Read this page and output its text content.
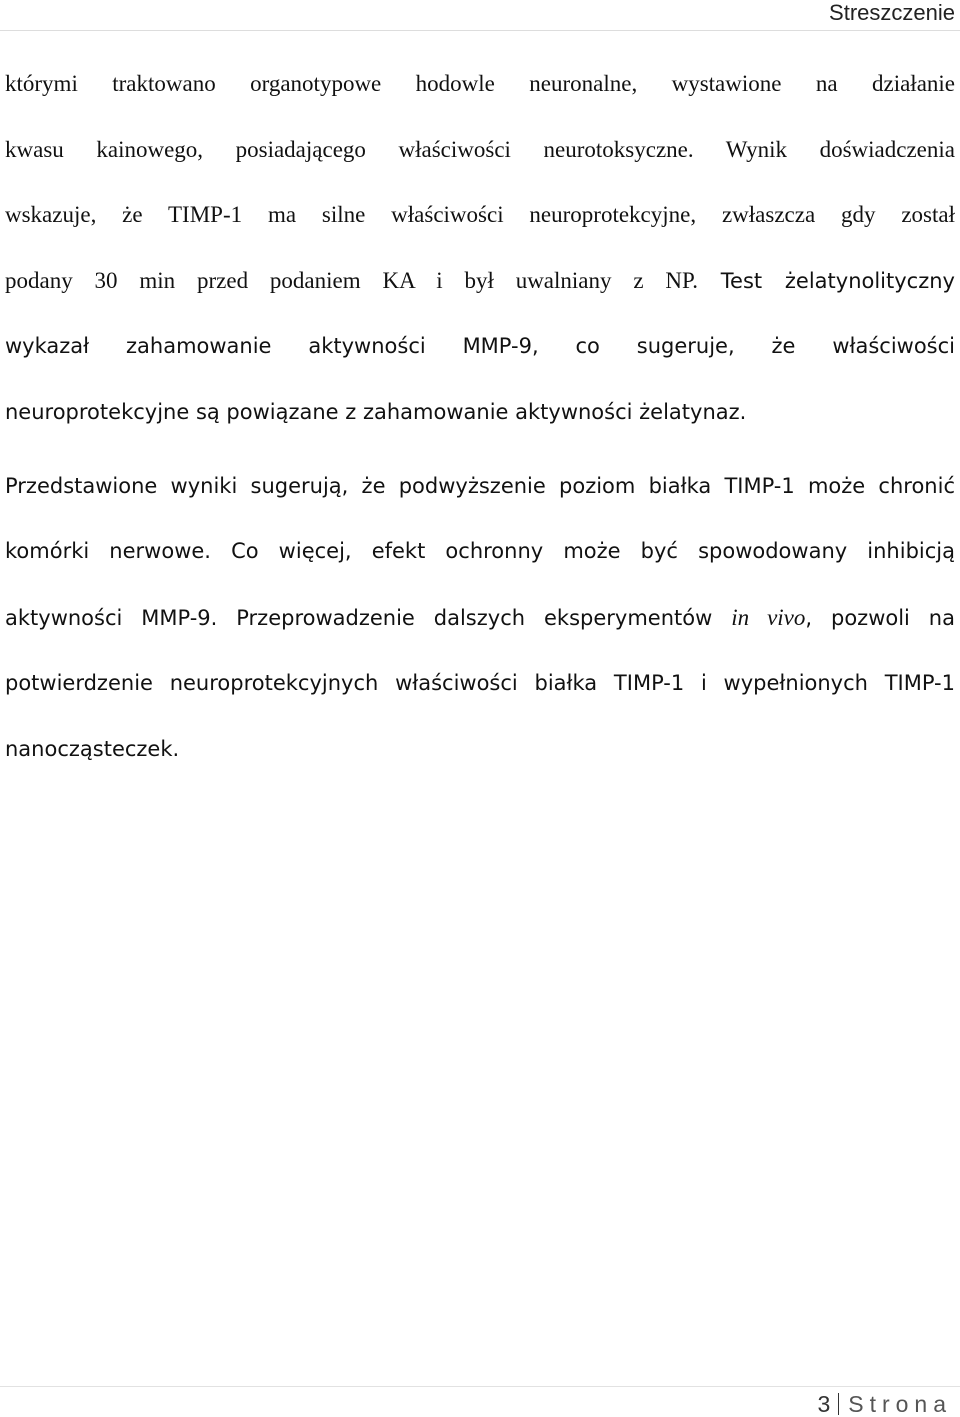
Streszczenie
którymi traktowano organotypowe hodowle neuronalne, wystawione na działanie
kwasu kainowego, posiadającego właściwości neurotoksyczne. Wynik doświadczenia
wskazuje, że TIMP-1 ma silne właściwości neuroprotekcyjne, zwłaszcza gdy został
podany 30 min przed podaniem KA i był uwalniany z NP. Test żelatynolityczny
wykazał zahamowanie aktywności MMP-9, co sugeruje, że właściwości
neuroprotekcyjne są powiązane z zahamowanie aktywności żelatynaz.
Przedstawione wyniki sugerują, że podwyższenie poziom białka TIMP-1 może chronić
komórki nerwowe. Co więcej, efekt ochronny może być spowodowany inhibicją
aktywności MMP-9. Przeprowadzenie dalszych eksperymentów in vivo, pozwoli na
potwierdzenie neuroprotekcyjnych właściwości białka TIMP-1 i wypełnionych TIMP-1
nanocząsteczek.
3 Strona
